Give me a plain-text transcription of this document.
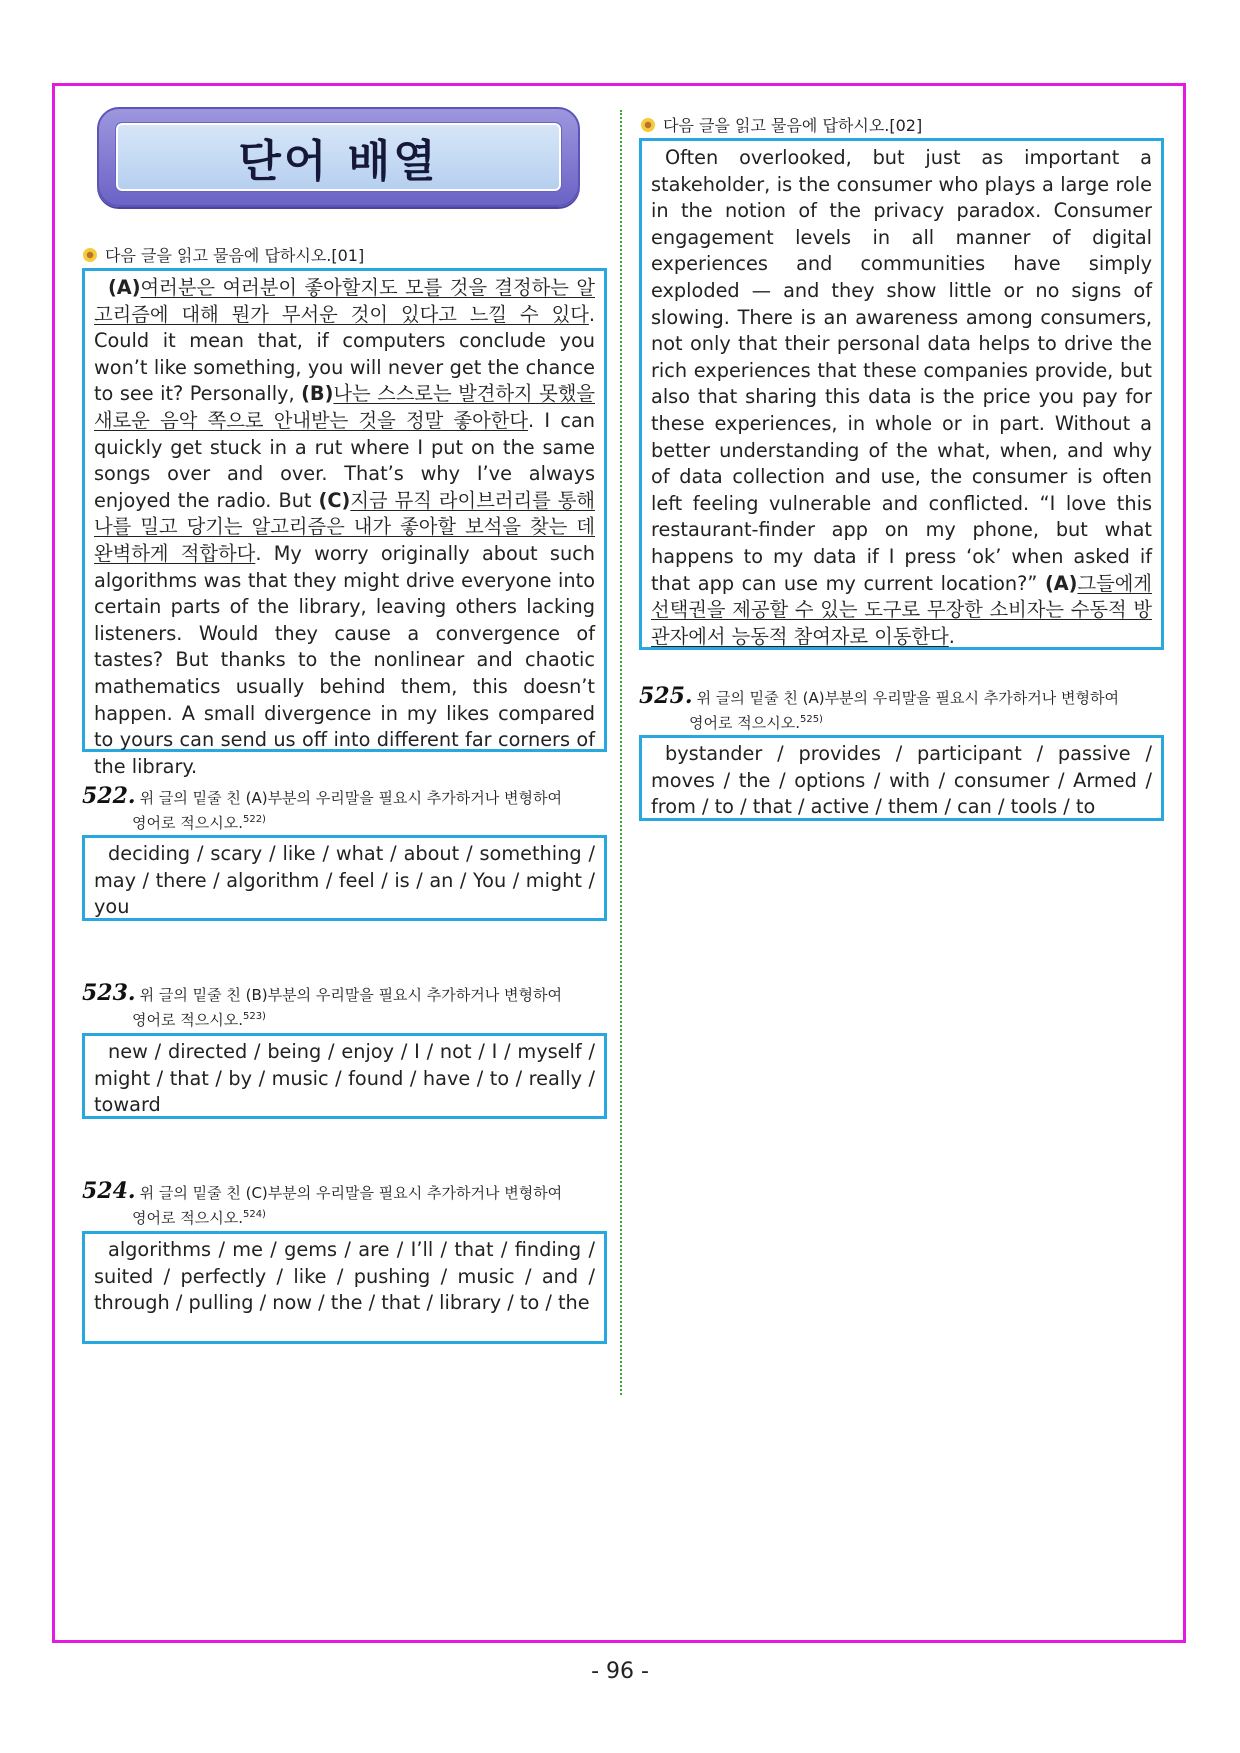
단어 배열
다음 글을 읽고 물음에 답하시오.[01]

(A)여러분은 여러분이 좋아할지도 모를 것을 결정하는 알고리즘에 대해 뭔가 무서운 것이 있다고 느낄 수 있다. Could it mean that, if computers conclude you won’t like something, you will never get the chance to see it? Personally, (B)나는 스스로는 발견하지 못했을 새로운 음악 쪽으로 안내받는 것을 정말 좋아한다. I can quickly get stuck in a rut where I put on the same songs over and over. That’s why I’ve always enjoyed the radio. But (C)지금 뮤직 라이브러리를 통해 나를 밀고 당기는 알고리즘은 내가 좋아할 보석을 찾는 데 완벽하게 적합하다. My worry originally about such algorithms was that they might drive everyone into certain parts of the library, leaving others lacking listeners. Would they cause a convergence of tastes? But thanks to the nonlinear and chaotic mathematics usually behind them, this doesn’t happen. A small divergence in my likes compared to yours can send us off into different far corners of the library.

522. 위 글의 밑줄 친 (A)부분의 우리말을 필요시 추가하거나 변형하여
영어로 적으시오.$^{522)}$

deciding / scary / like / what / about / something / may / there / algorithm / feel / is / an / You / might / you

523. 위 글의 밑줄 친 (B)부분의 우리말을 필요시 추가하거나 변형하여
영어로 적으시오.$^{523)}$

new / directed / being / enjoy / I / not / I / myself / might / that / by / music / found / have / to / really / toward

524. 위 글의 밑줄 친 (C)부분의 우리말을 필요시 추가하거나 변형하여
영어로 적으시오.$^{524)}$

algorithms / me / gems / are / I’ll / that / finding / suited / perfectly / like / pushing / music / and / through / pulling / now / the / that / library / to / the

다음 글을 읽고 물음에 답하시오.[02]

Often overlooked, but just as important a stakeholder, is the consumer who plays a large role in the notion of the privacy paradox. Consumer engagement levels in all manner of digital experiences and communities have simply exploded — and they show little or no signs of slowing. There is an awareness among consumers, not only that their personal data helps to drive the rich experiences that these companies provide, but also that sharing this data is the price you pay for these experiences, in whole or in part. Without a better understanding of the what, when, and why of data collection and use, the consumer is often left feeling vulnerable and conflicted. “I love this restaurant-finder app on my phone, but what happens to my data if I press ‘ok’ when asked if that app can use my current location?” (A)그들에게 선택권을 제공할 수 있는 도구로 무장한 소비자는 수동적 방관자에서 능동적 참여자로 이동한다.

525. 위 글의 밑줄 친 (A)부분의 우리말을 필요시 추가하거나 변형하여
영어로 적으시오.$^{525)}$

bystander / provides / participant / passive / moves / the / options / with / consumer / Armed / from / to / that / active / them / can / tools / to

- 96 -
